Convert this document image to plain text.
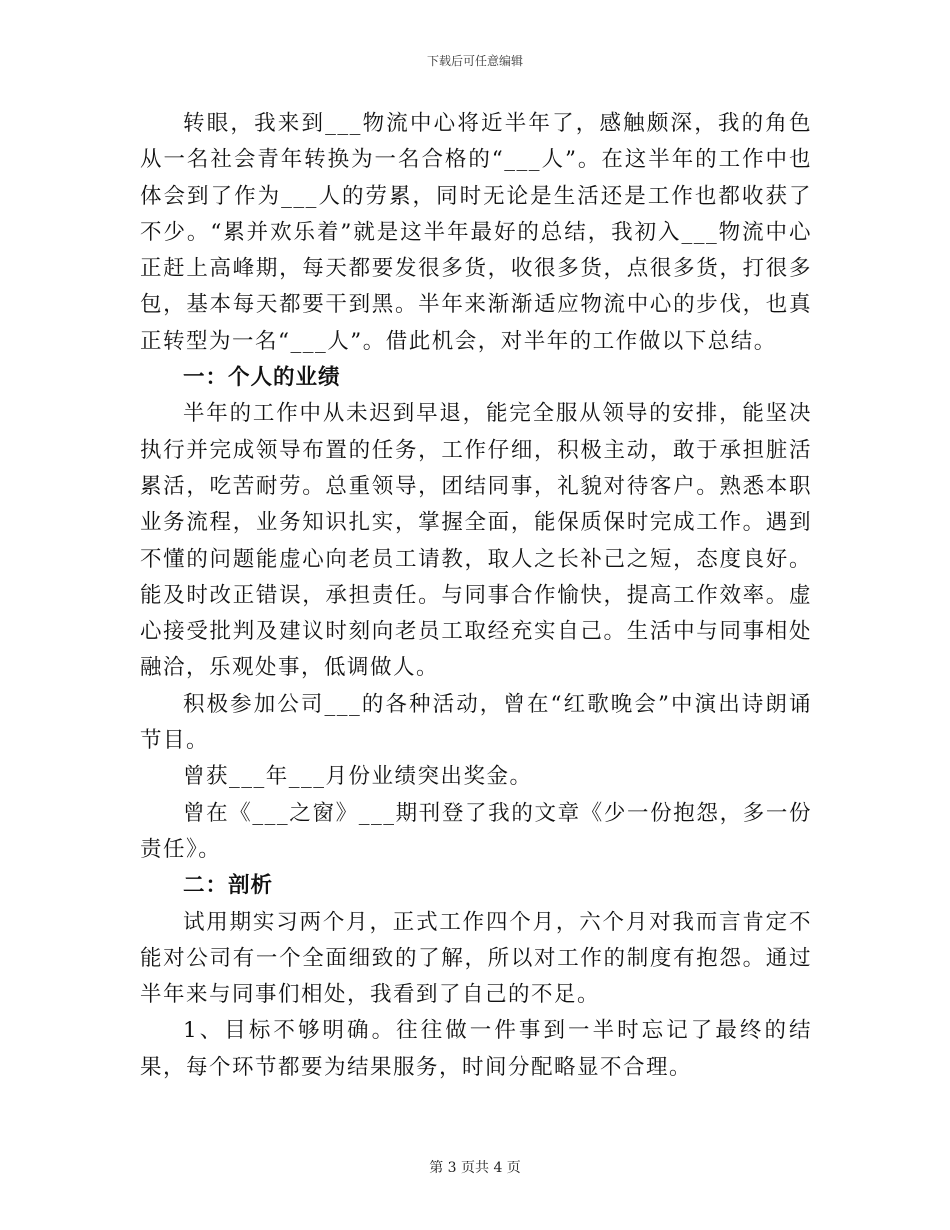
下载后可任意编辑

转眼，我来到___物流中心将近半年了，感触颇深，我的角色从一名社会青年转换为一名合格的“___人”。在这半年的工作中也体会到了作为___人的劳累，同时无论是生活还是工作也都收获了不少。“累并欢乐着”就是这半年最好的总结，我初入___物流中心正赶上高峰期，每天都要发很多货，收很多货，点很多货，打很多包，基本每天都要干到黑。半年来渐渐适应物流中心的步伐，也真正转型为一名“___人”。借此机会，对半年的工作做以下总结。

一：个人的业绩

半年的工作中从未迟到早退，能完全服从领导的安排，能坚决执行并完成领导布置的任务，工作仔细，积极主动，敢于承担脏活累活，吃苦耐劳。总重领导，团结同事，礼貌对待客户。熟悉本职业务流程，业务知识扎实，掌握全面，能保质保时完成工作。遇到不懂的问题能虚心向老员工请教，取人之长补己之短，态度良好。能及时改正错误，承担责任。与同事合作愉快，提高工作效率。虚心接受批判及建议时刻向老员工取经充实自己。生活中与同事相处融洽，乐观处事，低调做人。

积极参加公司___的各种活动，曾在“红歌晚会”中演出诗朗诵节目。

曾获___年___月份业绩突出奖金。

曾在《___之窗》___期刊登了我的文章《少一份抱怨，多一份责任》。

二：剖析

试用期实习两个月，正式工作四个月，六个月对我而言肯定不能对公司有一个全面细致的了解，所以对工作的制度有抱怨。通过半年来与同事们相处，我看到了自己的不足。

1、目标不够明确。往往做一件事到一半时忘记了最终的结果，每个环节都要为结果服务，时间分配略显不合理。

第 3 页共 4 页
